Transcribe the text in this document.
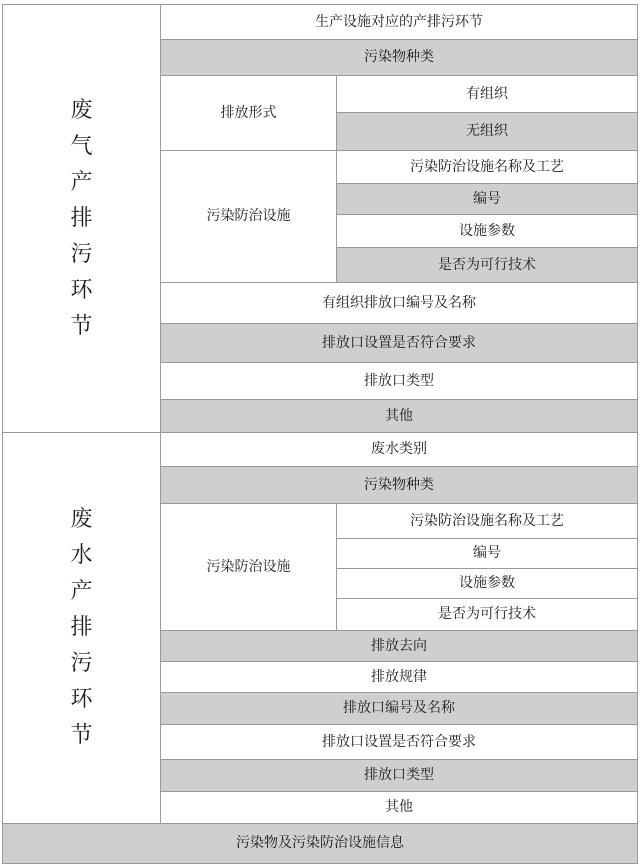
废
气
产
排
污
环
节
生产设施对应的产排污环节
污染物种类
排放形式
有组织
无组织
污染防治设施
污染防治设施名称及工艺
编号
设施参数
是否为可行技术
有组织排放口编号及名称
排放口设置是否符合要求
排放口类型
其他
废
水
产
排
污
环
节
废水类别
污染物种类
污染防治设施
污染防治设施名称及工艺
编号
设施参数
是否为可行技术
排放去向
排放规律
排放口编号及名称
排放口设置是否符合要求
排放口类型
其他
污染物及污染防治设施信息
